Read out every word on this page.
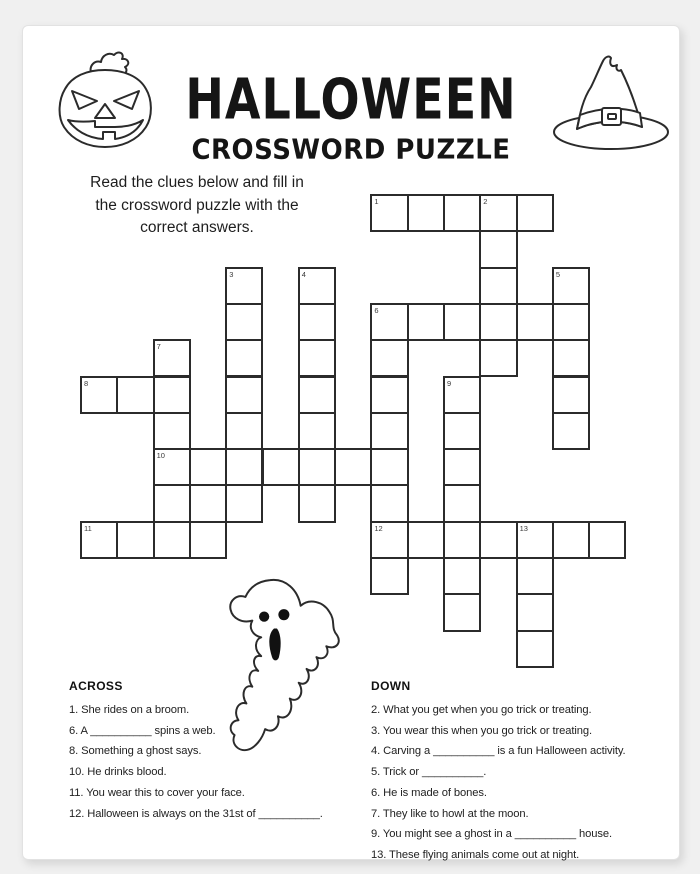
HALLOWEEN
CROSSWORD PUZZLE
Read the clues below and fill in
the crossword puzzle with the
correct answers.
1	2
3	4	5
6
12
7
10
8	9
11	13
ACROSS
1. She rides on a broom.
6. A __________ spins a web.
8. Something a ghost says.
10. He drinks blood.
11. You wear this to cover your face.
12. Halloween is always on the 31st of __________.
DOWN
2. What you get when you go trick or treating.
3. You wear this when you go trick or treating.
4. Carving a __________ is a fun Halloween activity.
5. Trick or __________.
6. He is made of bones.
7. They like to howl at the moon.
9. You might see a ghost in a __________ house.
13. These flying animals come out at night.
